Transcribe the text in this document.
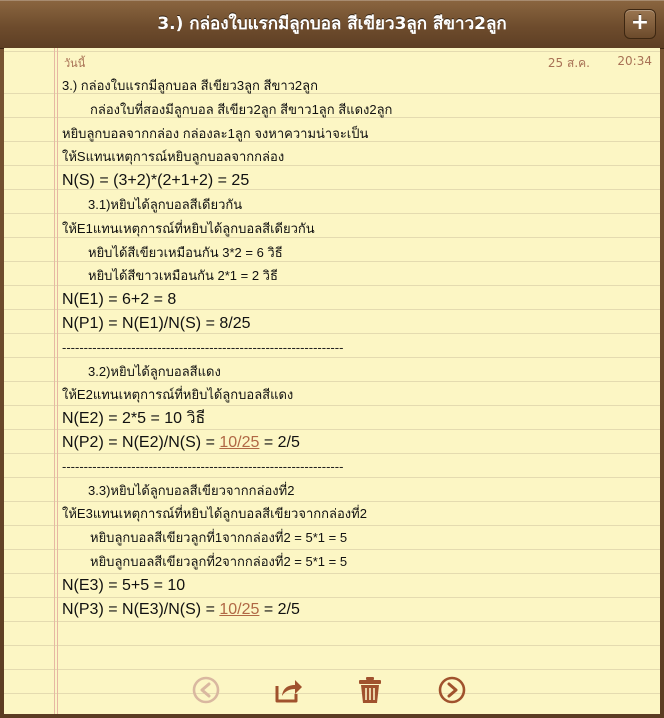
3.) กล่องใบแรกมีลูกบอล สีเขียว3ลูก สีขาว2ลูก	+
วันนี้	25 ส.ค. 20:34
3.) กล่องใบแรกมีลูกบอล สีเขียว3ลูก สีขาว2ลูก
กล่องใบที่สองมีลูกบอล สีเขียว2ลูก สีขาว1ลูก สีแดง2ลูก
หยิบลูกบอลจากกล่อง กล่องละ1ลูก จงหาความน่าจะเป็น
ให้Sแทนเหตุการณ์หยิบลูกบอลจากกล่อง
N(S) = (3+2)*(2+1+2) = 25
3.1)หยิบได้ลูกบอลสีเดียวกัน
ให้E1แทนเหตุการณ์ที่หยิบได้ลูกบอลสีเดียวกัน
หยิบได้สีเขียวเหมือนกัน 3*2 = 6 วิธี
หยิบได้สีขาวเหมือนกัน 2*1 = 2 วิธี
N(E1) = 6+2 = 8
N(P1) = N(E1)/N(S) = 8/25
-----------------------------------------------------------------
3.2)หยิบได้ลูกบอลสีแดง
ให้E2แทนเหตุการณ์ที่หยิบได้ลูกบอลสีแดง
N(E2) = 2*5 = 10 วิธี
N(P2) = N(E2)/N(S) = 10/25 = 2/5
-----------------------------------------------------------------
3.3)หยิบได้ลูกบอลสีเขียวจากกล่องที่2
ให้E3แทนเหตุการณ์ที่หยิบได้ลูกบอลสีเขียวจากกล่องที่2
หยิบลูกบอลสีเขียวลูกที่1จากกล่องที่2 = 5*1 = 5
หยิบลูกบอลสีเขียวลูกที่2จากกล่องที่2 = 5*1 = 5
N(E3) = 5+5 = 10
N(P3) = N(E3)/N(S) = 10/25 = 2/5
